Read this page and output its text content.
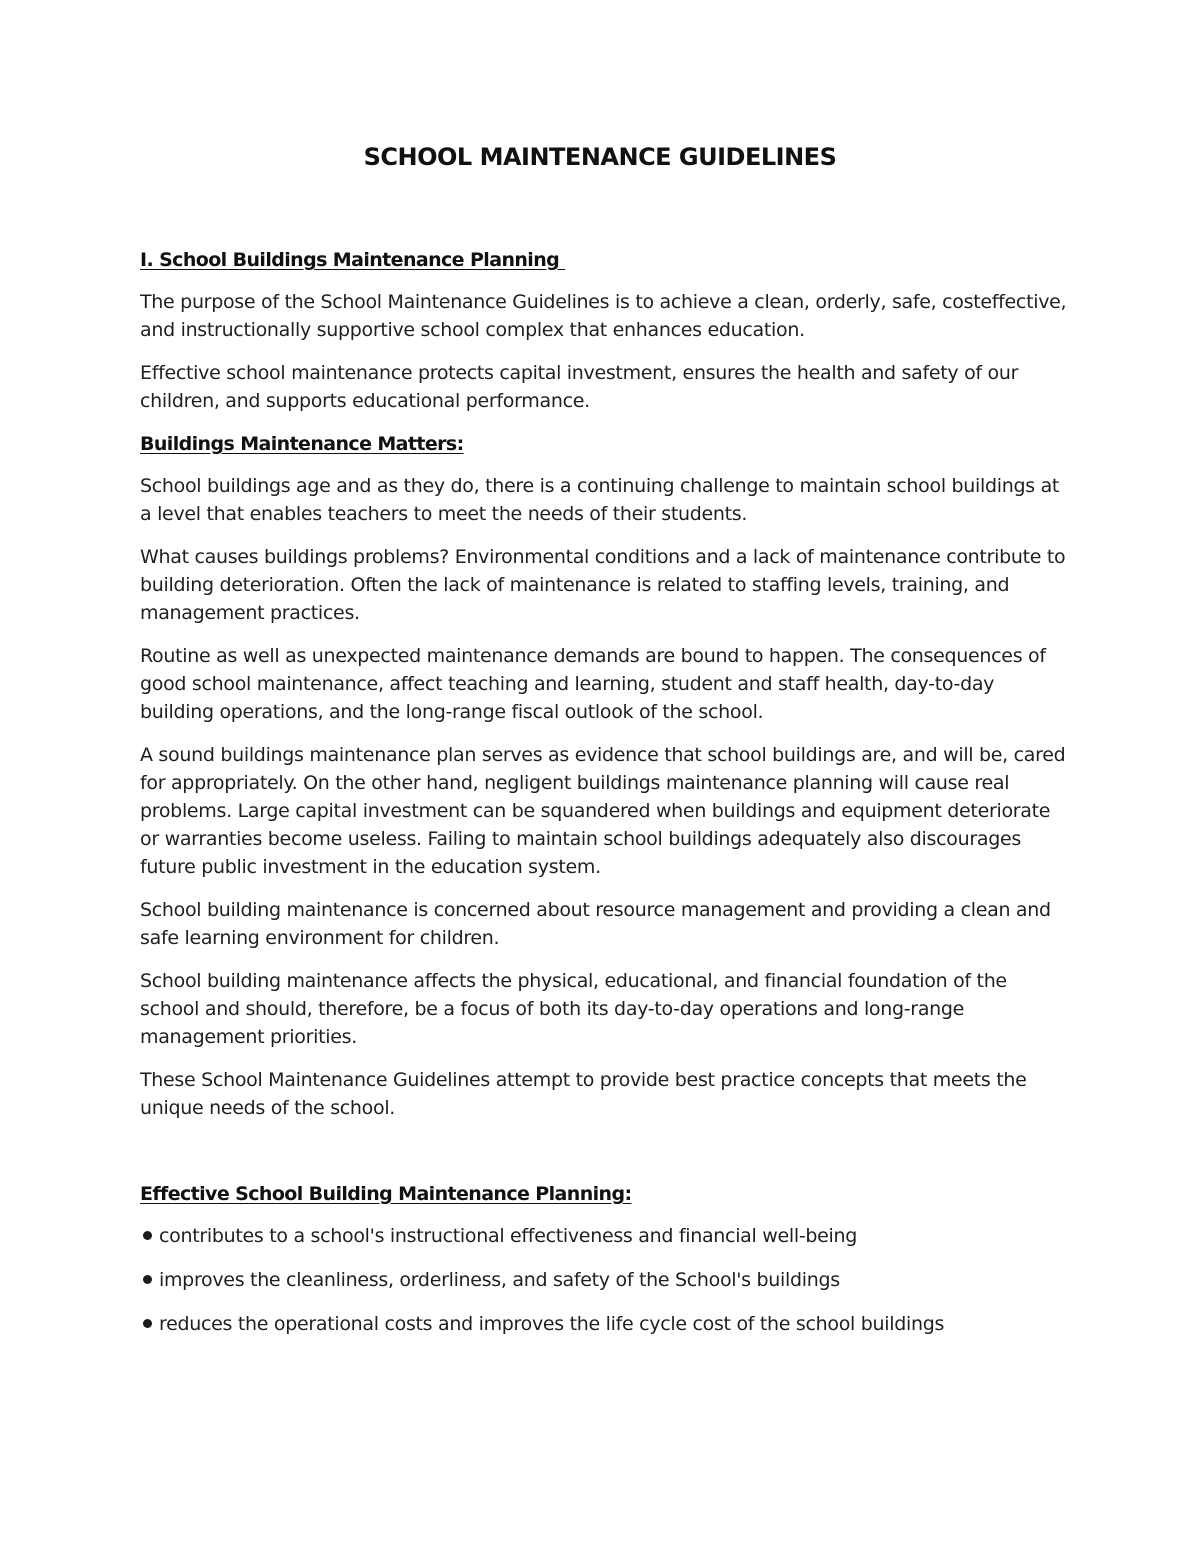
SCHOOL MAINTENANCE GUIDELINES
I. School Buildings Maintenance Planning

The purpose of the School Maintenance Guidelines is to achieve a clean, orderly, safe, costeffective, and instructionally supportive school complex that enhances education.

Effective school maintenance protects capital investment, ensures the health and safety of our children, and supports educational performance.

Buildings Maintenance Matters:

School buildings age and as they do, there is a continuing challenge to maintain school buildings at a level that enables teachers to meet the needs of their students.

What causes buildings problems? Environmental conditions and a lack of maintenance contribute to building deterioration. Often the lack of maintenance is related to staffing levels, training, and management practices.

Routine as well as unexpected maintenance demands are bound to happen. The consequences of good school maintenance, affect teaching and learning, student and staff health, day-to-day building operations, and the long-range fiscal outlook of the school.

A sound buildings maintenance plan serves as evidence that school buildings are, and will be, cared for appropriately. On the other hand, negligent buildings maintenance planning will cause real problems. Large capital investment can be squandered when buildings and equipment deteriorate or warranties become useless. Failing to maintain school buildings adequately also discourages future public investment in the education system.

School building maintenance is concerned about resource management and providing a clean and safe learning environment for children.

School building maintenance affects the physical, educational, and financial foundation of the school and should, therefore, be a focus of both its day-to-day operations and long-range management priorities.

These School Maintenance Guidelines attempt to provide best practice concepts that meets the unique needs of the school.

Effective School Building Maintenance Planning:
contributes to a school's instructional effectiveness and financial well-being
improves the cleanliness, orderliness, and safety of the School's buildings
reduces the operational costs and improves the life cycle cost of the school buildings
